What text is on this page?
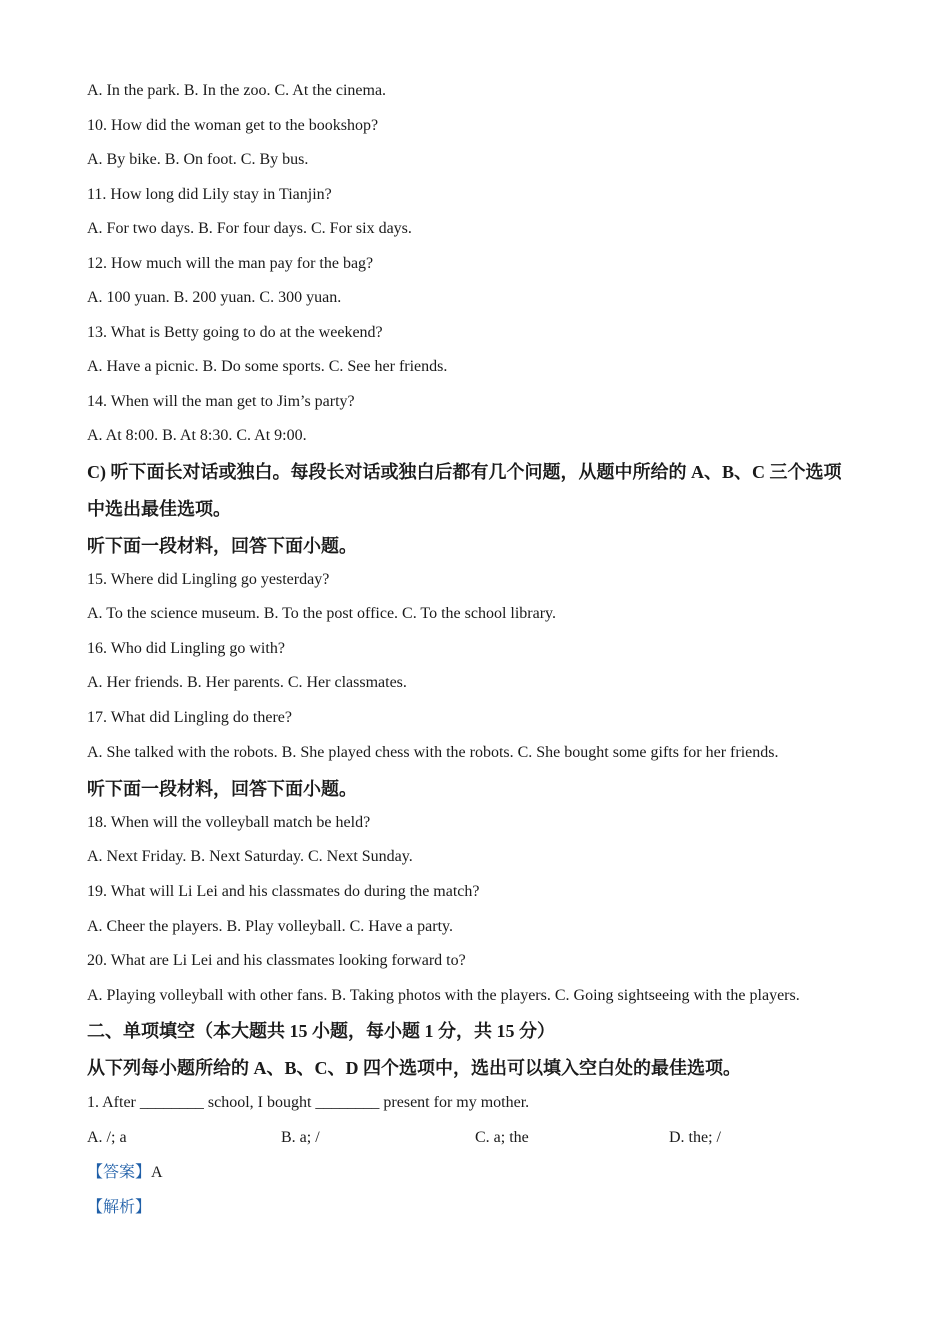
A. In the park. B. In the zoo. C. At the cinema.
10. How did the woman get to the bookshop?
A. By bike. B. On foot. C. By bus.
11. How long did Lily stay in Tianjin?
A. For two days. B. For four days. C. For six days.
12. How much will the man pay for the bag?
A. 100 yuan. B. 200 yuan. C. 300 yuan.
13. What is Betty going to do at the weekend?
A. Have a picnic. B. Do some sports. C. See her friends.
14. When will the man get to Jim’s party?
A. At 8:00. B. At 8:30. C. At 9:00.
C) 听下面长对话或独白。每段长对话或独白后都有几个问题，从题中所给的 A、B、C 三个选项中选出最佳选项。
听下面一段材料，回答下面小题。
15. Where did Lingling go yesterday?
A. To the science museum. B. To the post office. C. To the school library.
16. Who did Lingling go with?
A. Her friends. B. Her parents. C. Her classmates.
17. What did Lingling do there?
A. She talked with the robots. B. She played chess with the robots. C. She bought some gifts for her friends.
听下面一段材料，回答下面小题。
18. When will the volleyball match be held?
A. Next Friday. B. Next Saturday. C. Next Sunday.
19. What will Li Lei and his classmates do during the match?
A. Cheer the players. B. Play volleyball. C. Have a party.
20. What are Li Lei and his classmates looking forward to?
A. Playing volleyball with other fans. B. Taking photos with the players. C. Going sightseeing with the players.
二、单项填空（本大题共 15 小题，每小题 1 分，共 15 分）
从下列每小题所给的 A、B、C、D 四个选项中，选出可以填入空白处的最佳选项。
1. After ________ school, I bought ________ present for my mother.
A. /; a	B. a; /	C. a; the	D. the; /
【答案】A
【解析】
